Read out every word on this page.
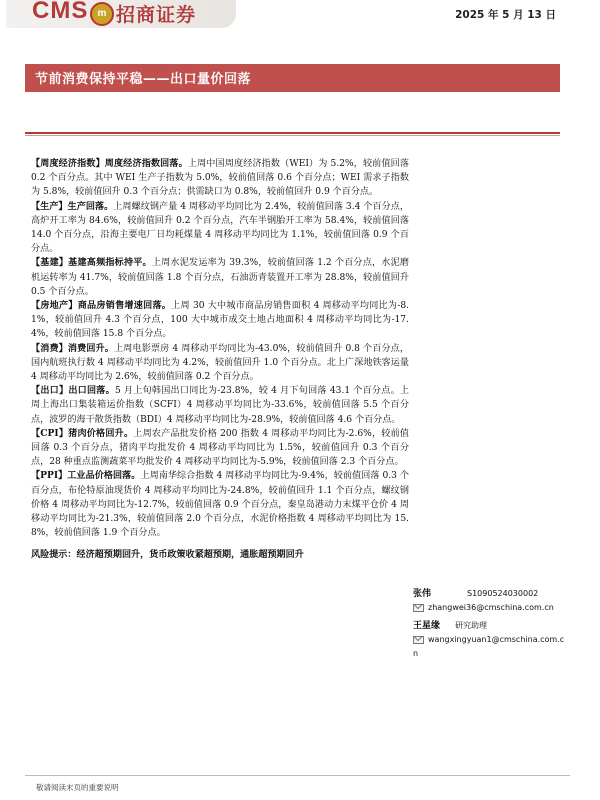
CMS m 招商证券	2025 年 5 月 13 日
节前消费保持平稳——出口量价回落

【周度经济指数】周度经济指数回落。上周中国周度经济指数（WEI）为 5.2%，较前值回落 0.2 个百分点。其中 WEI 生产子指数为 5.0%，较前值回落 0.6 个百分点；WEI 需求子指数为 5.8%，较前值回升 0.3 个百分点；供需缺口为 0.8%，较前值回升 0.9 个百分点。

【生产】生产回落。上周螺纹钢产量 4 周移动平均同比为 2.4%，较前值回落 3.4 个百分点，高炉开工率为 84.6%，较前值回升 0.2 个百分点，汽车半钢胎开工率为 58.4%，较前值回落 14.0 个百分点，沿海主要电厂日均耗煤量 4 周移动平均同比为 1.1%，较前值回落 0.9 个百分点。

【基建】基建高频指标持平。上周水泥发运率为 39.3%，较前值回落 1.2 个百分点，水泥磨机运转率为 41.7%，较前值回落 1.8 个百分点，石油沥青装置开工率为 28.8%，较前值回升 0.5 个百分点。

【房地产】商品房销售增速回落。上周 30 大中城市商品房销售面积 4 周移动平均同比为-8.1%，较前值回升 4.3 个百分点，100 大中城市成交土地占地面积 4 周移动平均同比为-17.4%，较前值回落 15.8 个百分点。

【消费】消费回升。上周电影票房 4 周移动平均同比为-43.0%，较前值回升 0.8 个百分点，国内航班执行数 4 周移动平均同比为 4.2%，较前值回升 1.0 个百分点。北上广深地铁客运量 4 周移动平均同比为 2.6%，较前值回落 0.2 个百分点。

【出口】出口回落。5 月上旬韩国出口同比为-23.8%，较 4 月下旬回落 43.1 个百分点。上周上海出口集装箱运价指数（SCFI）4 周移动平均同比为-33.6%，较前值回落 5.5 个百分点，波罗的海干散货指数（BDI）4 周移动平均同比为-28.9%，较前值回落 4.6 个百分点。

【CPI】猪肉价格回升。上周农产品批发价格 200 指数 4 周移动平均同比为-2.6%，较前值回落 0.3 个百分点，猪肉平均批发价 4 周移动平均同比为 1.5%，较前值回升 0.3 个百分点，28 种重点监测蔬菜平均批发价 4 周移动平均同比为-5.9%，较前值回落 2.3 个百分点。

【PPI】工业品价格回落。上周南华综合指数 4 周移动平均同比为-9.4%，较前值回落 0.3 个百分点，布伦特原油现货价 4 周移动平均同比为-24.8%，较前值回升 1.1 个百分点，螺纹钢价格 4 周移动平均同比为-12.7%，较前值回落 0.9 个百分点，秦皇岛港动力末煤平仓价 4 周移动平均同比为-21.3%，较前值回落 2.0 个百分点，水泥价格指数 4 周移动平均同比为 15.8%，较前值回落 1.9 个百分点。

风险提示：经济超预期回升，货币政策收紧超预期，通胀超预期回升
张伟	S1090524030002
zhangwei36@cmschina.com.cn
王星缘 研究助理
wangxingyuan1@cmschina.com.c
n
敬请阅读末页的重要说明
